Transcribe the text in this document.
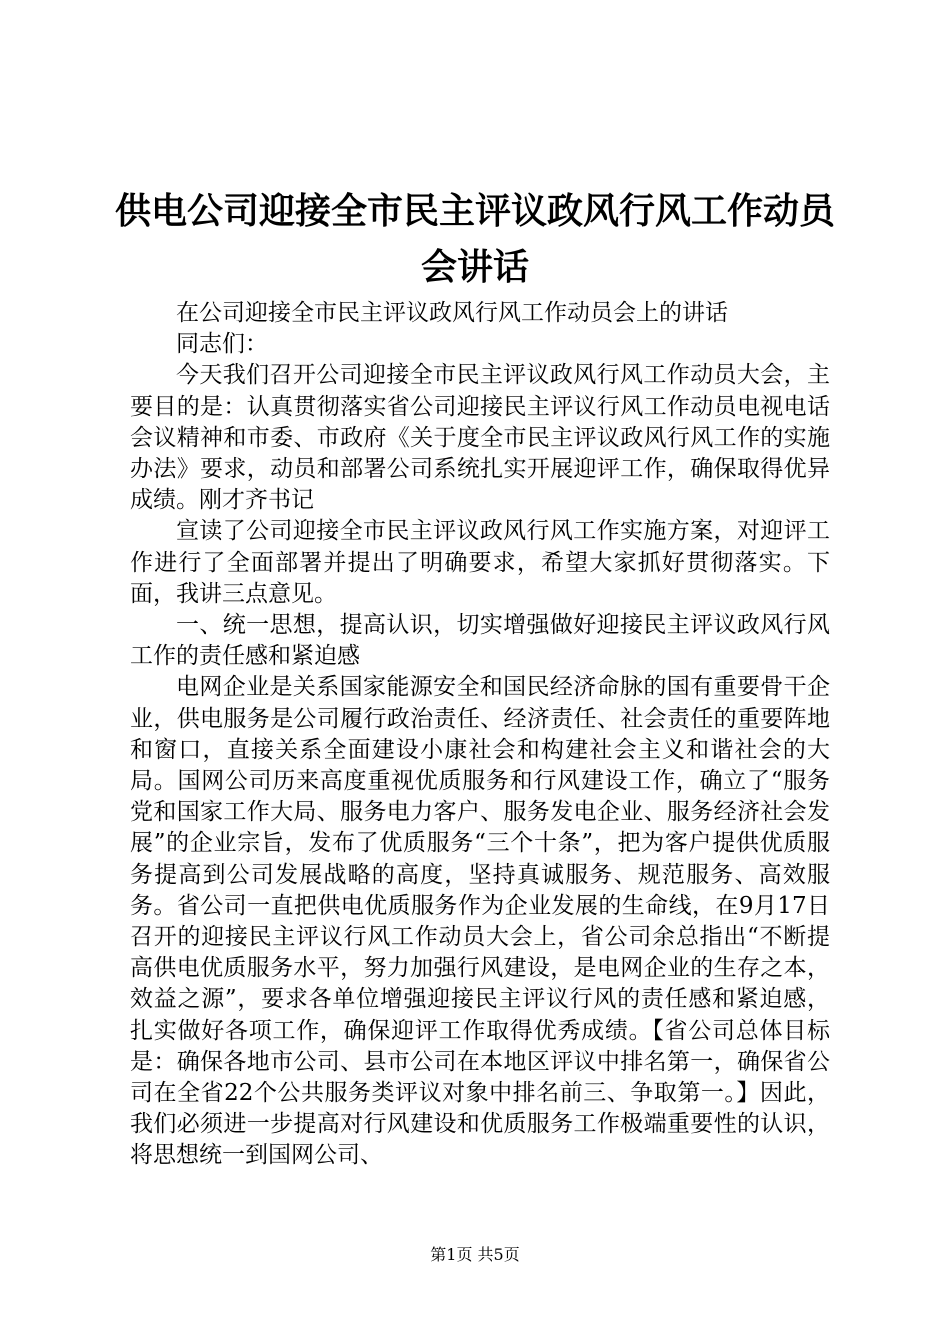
供电公司迎接全市民主评议政风行风工作动员
会讲话

在公司迎接全市民主评议政风行风工作动员会上的讲话

同志们：

今天我们召开公司迎接全市民主评议政风行风工作动员大会，主要目的是：认真贯彻落实省公司迎接民主评议行风工作动员电视电话会议精神和市委、市政府《关于度全市民主评议政风行风工作的实施办法》要求，动员和部署公司系统扎实开展迎评工作，确保取得优异成绩。刚才齐书记

宣读了公司迎接全市民主评议政风行风工作实施方案，对迎评工作进行了全面部署并提出了明确要求，希望大家抓好贯彻落实。下面，我讲三点意见。

一、统一思想，提高认识，切实增强做好迎接民主评议政风行风工作的责任感和紧迫感

电网企业是关系国家能源安全和国民经济命脉的国有重要骨干企业，供电服务是公司履行政治责任、经济责任、社会责任的重要阵地和窗口，直接关系全面建设小康社会和构建社会主义和谐社会的大局。国网公司历来高度重视优质服务和行风建设工作，确立了“服务党和国家工作大局、服务电力客户、服务发电企业、服务经济社会发展”的企业宗旨，发布了优质服务“三个十条”，把为客户提供优质服务提高到公司发展战略的高度，坚持真诚服务、规范服务、高效服务。省公司一直把供电优质服务作为企业发展的生命线，在9月17日召开的迎接民主评议行风工作动员大会上，省公司余总指出“不断提高供电优质服务水平，努力加强行风建设，是电网企业的生存之本，效益之源”，要求各单位增强迎接民主评议行风的责任感和紧迫感，扎实做好各项工作，确保迎评工作取得优秀成绩。【省公司总体目标是：确保各地市公司、县市公司在本地区评议中排名第一，确保省公司在全省22个公共服务类评议对象中排名前三、争取第一。】因此，我们必须进一步提高对行风建设和优质服务工作极端重要性的认识，将思想统一到国网公司、

第1页 共5页
